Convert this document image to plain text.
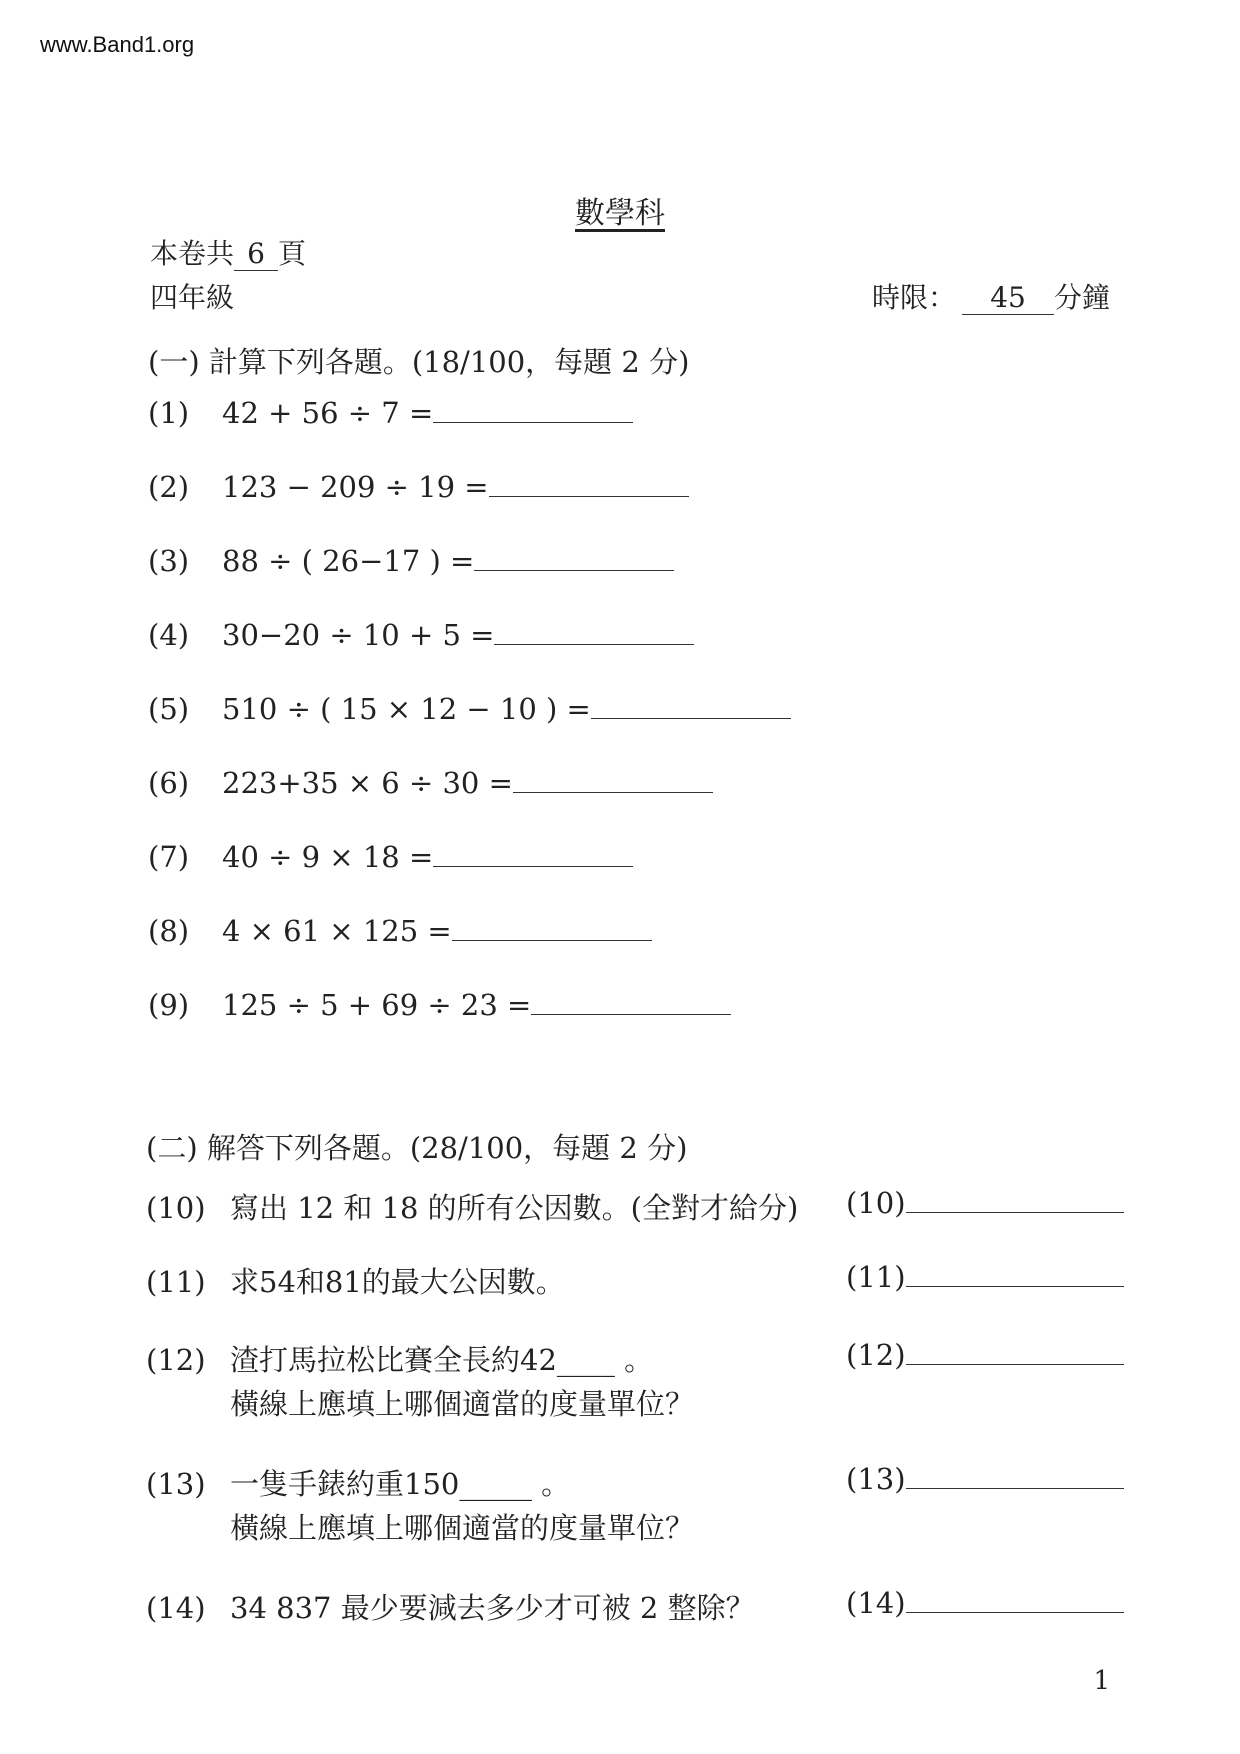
www.Band1.org
數學科
本卷共 6 頁
四年級	時限： 45 分鐘
(一) 計算下列各題。(18/100，每題 2 分)
(1) 42 + 56 ÷ 7 =
(2) 123 − 209 ÷ 19 =
(3) 88 ÷ ( 26−17 ) =
(4) 30−20 ÷ 10 + 5 =
(5) 510 ÷ ( 15 × 12 − 10 ) =
(6) 223+35 × 6 ÷ 30 =
(7) 40 ÷ 9 × 18 =
(8) 4 × 61 × 125 =
(9) 125 ÷ 5 + 69 ÷ 23 =
(二) 解答下列各題。(28/100，每題 2 分)
(10) 寫出 12 和 18 的所有公因數。(全對才給分) (10)
(11) 求54和81的最大公因數。	(11)
(12) 渣打馬拉松比賽全長約42____ 。
橫線上應填上哪個適當的度量單位？
(12)
(13) 一隻手錶約重150_____ 。
橫線上應填上哪個適當的度量單位？
(13)
(14) 34 837 最少要減去多少才可被 2 整除？	(14)
1
